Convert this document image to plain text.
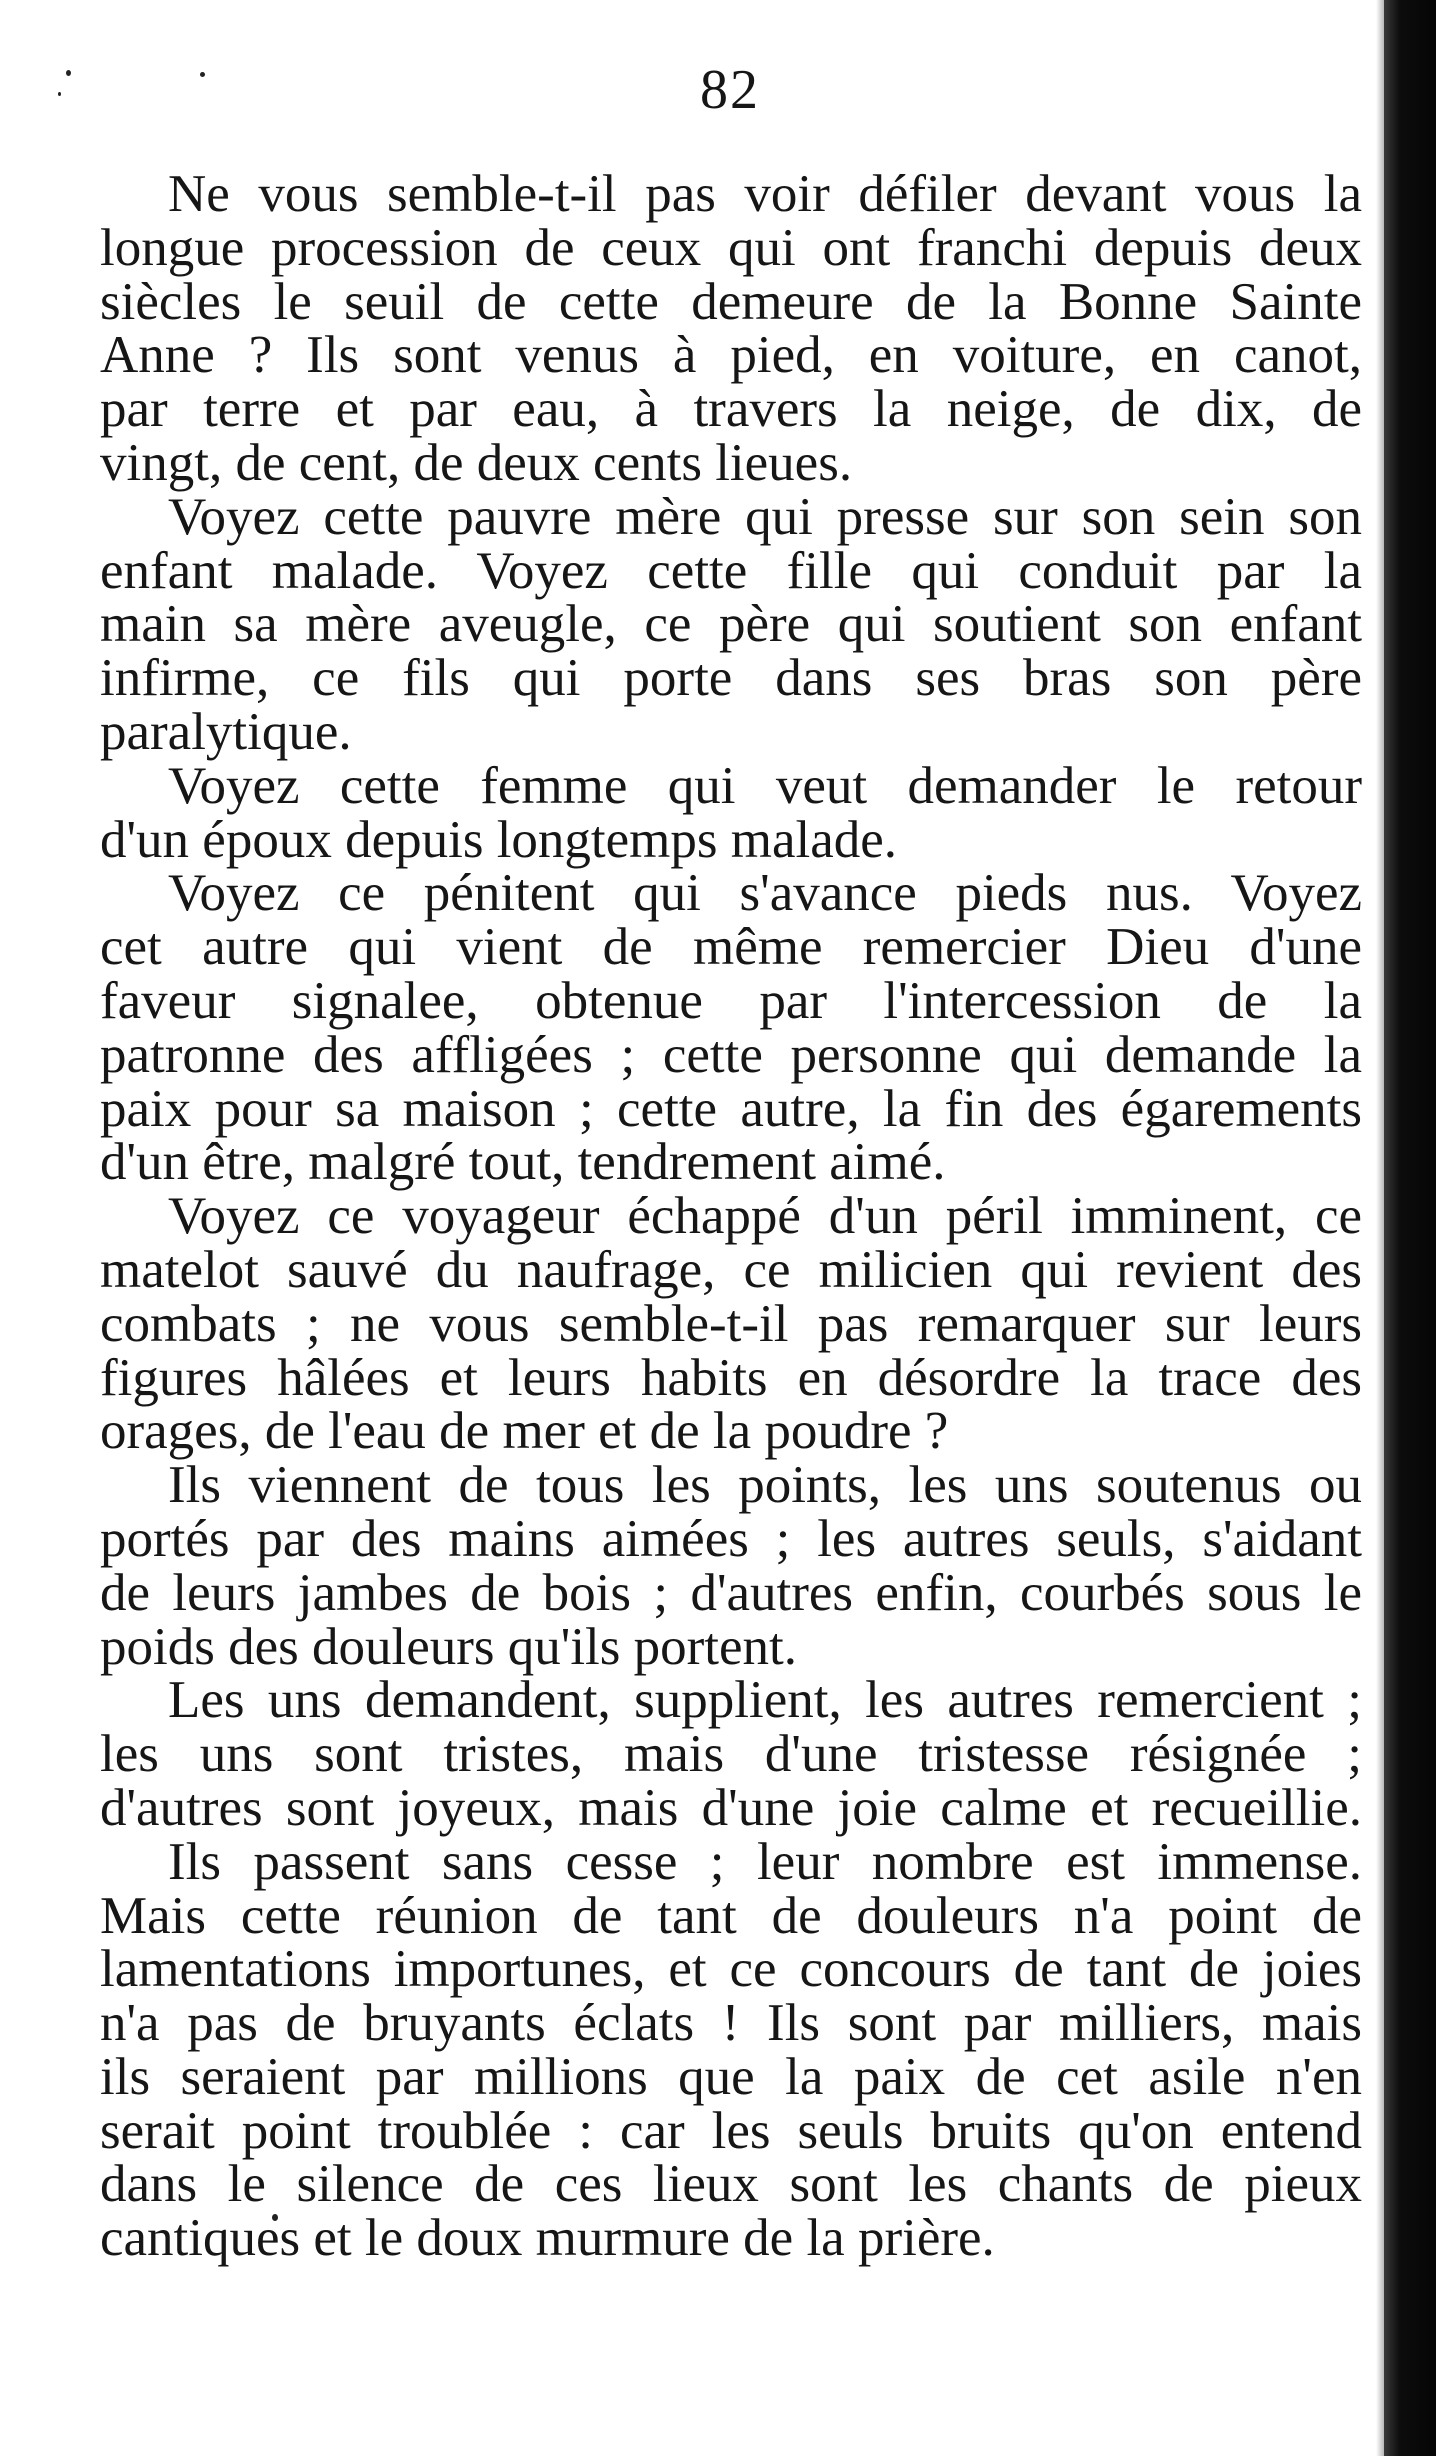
82
Ne vous semble-t-il pas voir défiler devant vous la
longue procession de ceux qui ont franchi depuis deux
siècles le seuil de cette demeure de la Bonne Sainte
Anne ? Ils sont venus à pied, en voiture, en canot,
par terre et par eau, à travers la neige, de dix, de
vingt, de cent, de deux cents lieues.
Voyez cette pauvre mère qui presse sur son sein son
enfant malade. Voyez cette fille qui conduit par la
main sa mère aveugle, ce père qui soutient son enfant
infirme, ce fils qui porte dans ses bras son père
paralytique.
Voyez cette femme qui veut demander le retour
d'un époux depuis longtemps malade.
Voyez ce pénitent qui s'avance pieds nus. Voyez
cet autre qui vient de même remercier Dieu d'une
faveur signalee, obtenue par l'intercession de la
patronne des affligées ; cette personne qui demande la
paix pour sa maison ; cette autre, la fin des égarements
d'un être, malgré tout, tendrement aimé.
Voyez ce voyageur échappé d'un péril imminent, ce
matelot sauvé du naufrage, ce milicien qui revient des
combats ; ne vous semble-t-il pas remarquer sur leurs
figures hâlées et leurs habits en désordre la trace des
orages, de l'eau de mer et de la poudre ?
Ils viennent de tous les points, les uns soutenus ou
portés par des mains aimées ; les autres seuls, s'aidant
de leurs jambes de bois ; d'autres enfin, courbés sous le
poids des douleurs qu'ils portent.
Les uns demandent, supplient, les autres remercient ;
les uns sont tristes, mais d'une tristesse résignée ;
d'autres sont joyeux, mais d'une joie calme et recueillie.
Ils passent sans cesse ; leur nombre est immense.
Mais cette réunion de tant de douleurs n'a point de
lamentations importunes, et ce concours de tant de joies
n'a pas de bruyants éclats ! Ils sont par milliers, mais
ils seraient par millions que la paix de cet asile n'en
serait point troublée : car les seuls bruits qu'on entend
dans le silence de ces lieux sont les chants de pieux
cantiques et le doux murmure de la prière.
